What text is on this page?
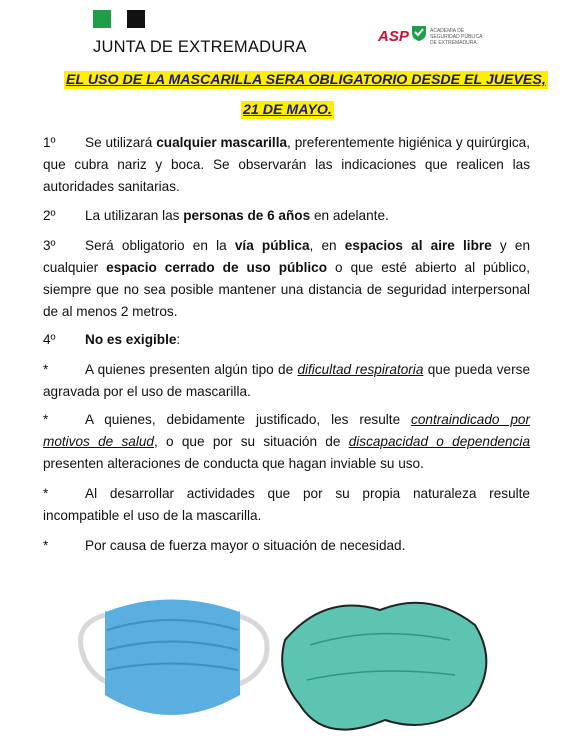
JUNTA DE EXTREMADURA
ASP	ACADEMIA DE
SEGURIDAD PÚBLICA
DE EXTREMADURA
EL USO DE LA MASCARILLA SERA OBLIGATORIO DESDE EL JUEVES,
21 DE MAYO.
1º Se utilizará cualquier mascarilla, preferentemente higiénica y quirúrgica, que cubra nariz y boca. Se observarán las indicaciones que realicen las autoridades sanitarias.
2º La utilizaran las personas de 6 años en adelante.
3º Será obligatorio en la vía pública, en espacios al aire libre y en cualquier espacio cerrado de uso público o que esté abierto al público, siempre que no sea posible mantener una distancia de seguridad interpersonal de al menos 2 metros.
4º No es exigible:
*	A quienes presenten algún tipo de dificultad respiratoria que pueda verse agravada por el uso de mascarilla.
*	A quienes, debidamente justificado, les resulte contraindicado por motivos de salud, o que por su situación de discapacidad o dependencia presenten alteraciones de conducta que hagan inviable su uso.
*	Al desarrollar actividades que por su propia naturaleza resulte incompatible el uso de la mascarilla.
*	Por causa de fuerza mayor o situación de necesidad.
